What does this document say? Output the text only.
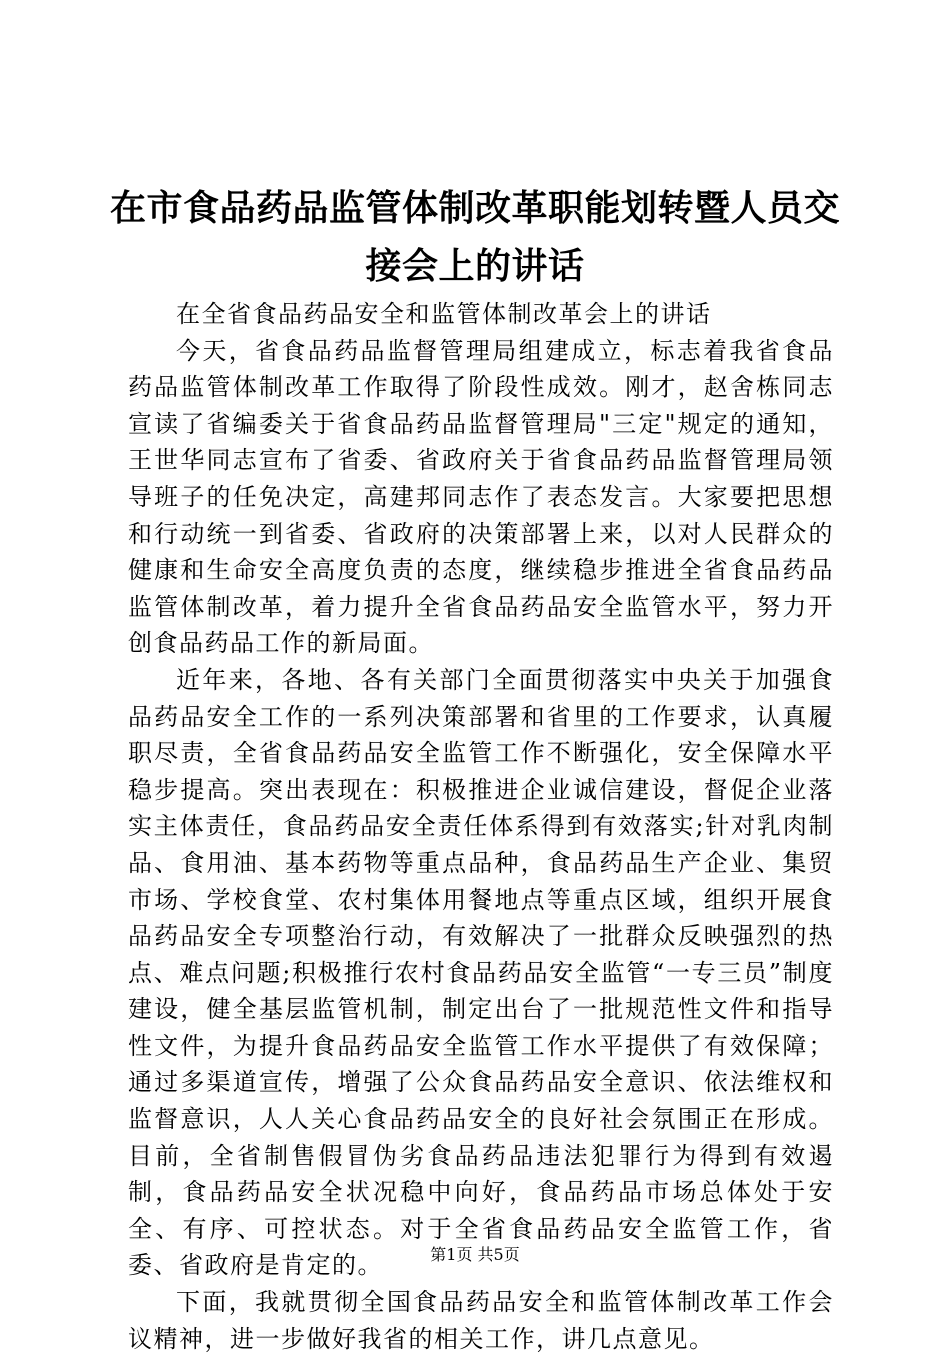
在市食品药品监管体制改革职能划转暨人员交接会上的讲话

在全省食品药品安全和监管体制改革会上的讲话

今天，省食品药品监督管理局组建成立，标志着我省食品药品监管体制改革工作取得了阶段性成效。刚才，赵舍栋同志宣读了省编委关于省食品药品监督管理局"三定"规定的通知，王世华同志宣布了省委、省政府关于省食品药品监督管理局领导班子的任免决定，高建邦同志作了表态发言。大家要把思想和行动统一到省委、省政府的决策部署上来，以对人民群众的健康和生命安全高度负责的态度，继续稳步推进全省食品药品监管体制改革，着力提升全省食品药品安全监管水平，努力开创食品药品工作的新局面。

近年来，各地、各有关部门全面贯彻落实中央关于加强食品药品安全工作的一系列决策部署和省里的工作要求，认真履职尽责，全省食品药品安全监管工作不断强化，安全保障水平稳步提高。突出表现在：积极推进企业诚信建设，督促企业落实主体责任，食品药品安全责任体系得到有效落实;针对乳肉制品、食用油、基本药物等重点品种，食品药品生产企业、集贸市场、学校食堂、农村集体用餐地点等重点区域，组织开展食品药品安全专项整治行动，有效解决了一批群众反映强烈的热点、难点问题;积极推行农村食品药品安全监管“一专三员”制度建设，健全基层监管机制，制定出台了一批规范性文件和指导性文件，为提升食品药品安全监管工作水平提供了有效保障；通过多渠道宣传，增强了公众食品药品安全意识、依法维权和监督意识，人人关心食品药品安全的良好社会氛围正在形成。目前，全省制售假冒伪劣食品药品违法犯罪行为得到有效遏制，食品药品安全状况稳中向好，食品药品市场总体处于安全、有序、可控状态。对于全省食品药品安全监管工作，省委、省政府是肯定的。

下面，我就贯彻全国食品药品安全和监管体制改革工作会议精神，进一步做好我省的相关工作，讲几点意见。

第1页 共5页
